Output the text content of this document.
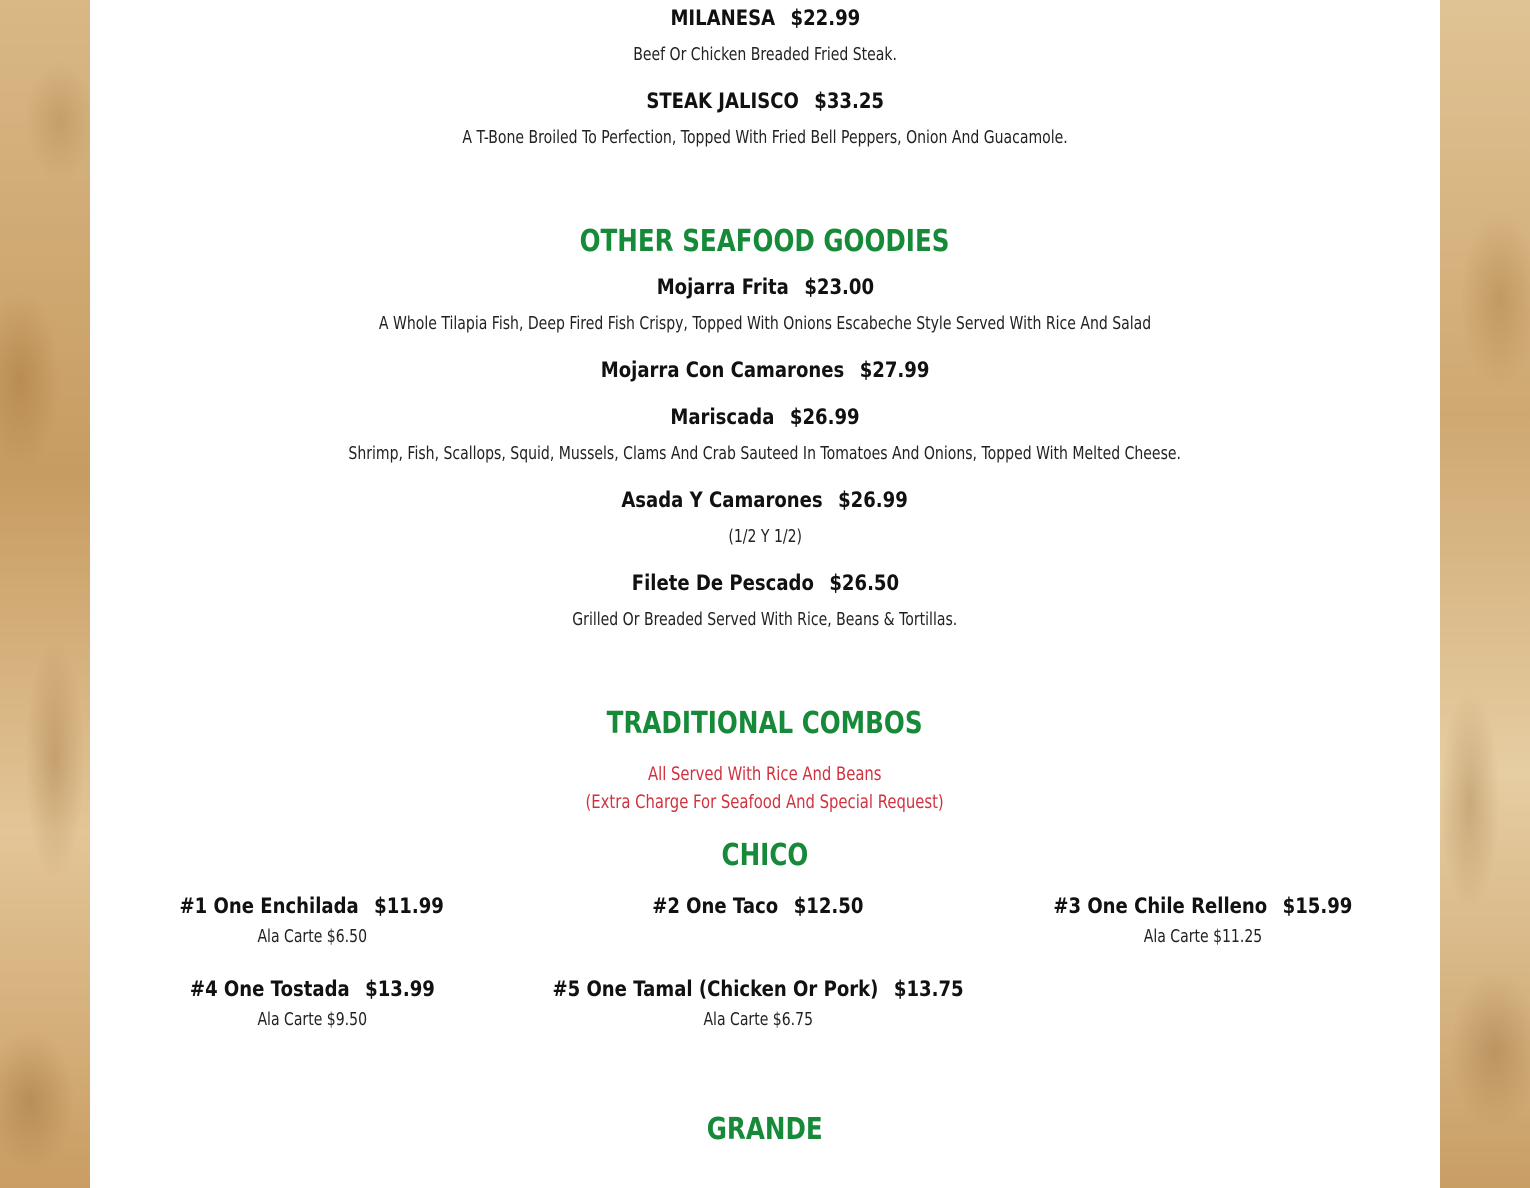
MILANESA $22.99
Beef Or Chicken Breaded Fried Steak.
STEAK JALISCO $33.25
A T-Bone Broiled To Perfection, Topped With Fried Bell Peppers, Onion And Guacamole.
OTHER SEAFOOD GOODIES
Mojarra Frita $23.00
A Whole Tilapia Fish, Deep Fired Fish Crispy, Topped With Onions Escabeche Style Served With Rice And Salad
Mojarra Con Camarones $27.99
Mariscada $26.99
Shrimp, Fish, Scallops, Squid, Mussels, Clams And Crab Sauteed In Tomatoes And Onions, Topped With Melted Cheese.
Asada Y Camarones $26.99
(1/2 Y 1/2)
Filete De Pescado $26.50
Grilled Or Breaded Served With Rice, Beans & Tortillas.
TRADITIONAL COMBOS
All Served With Rice And Beans
(Extra Charge For Seafood And Special Request)
CHICO
#1 One Enchilada $11.99
Ala Carte $6.50
#2 One Taco $12.50	#3 One Chile Relleno $15.99
Ala Carte $11.25
#4 One Tostada $13.99
Ala Carte $9.50
#5 One Tamal (Chicken Or Pork) $13.75
Ala Carte $6.75
GRANDE
